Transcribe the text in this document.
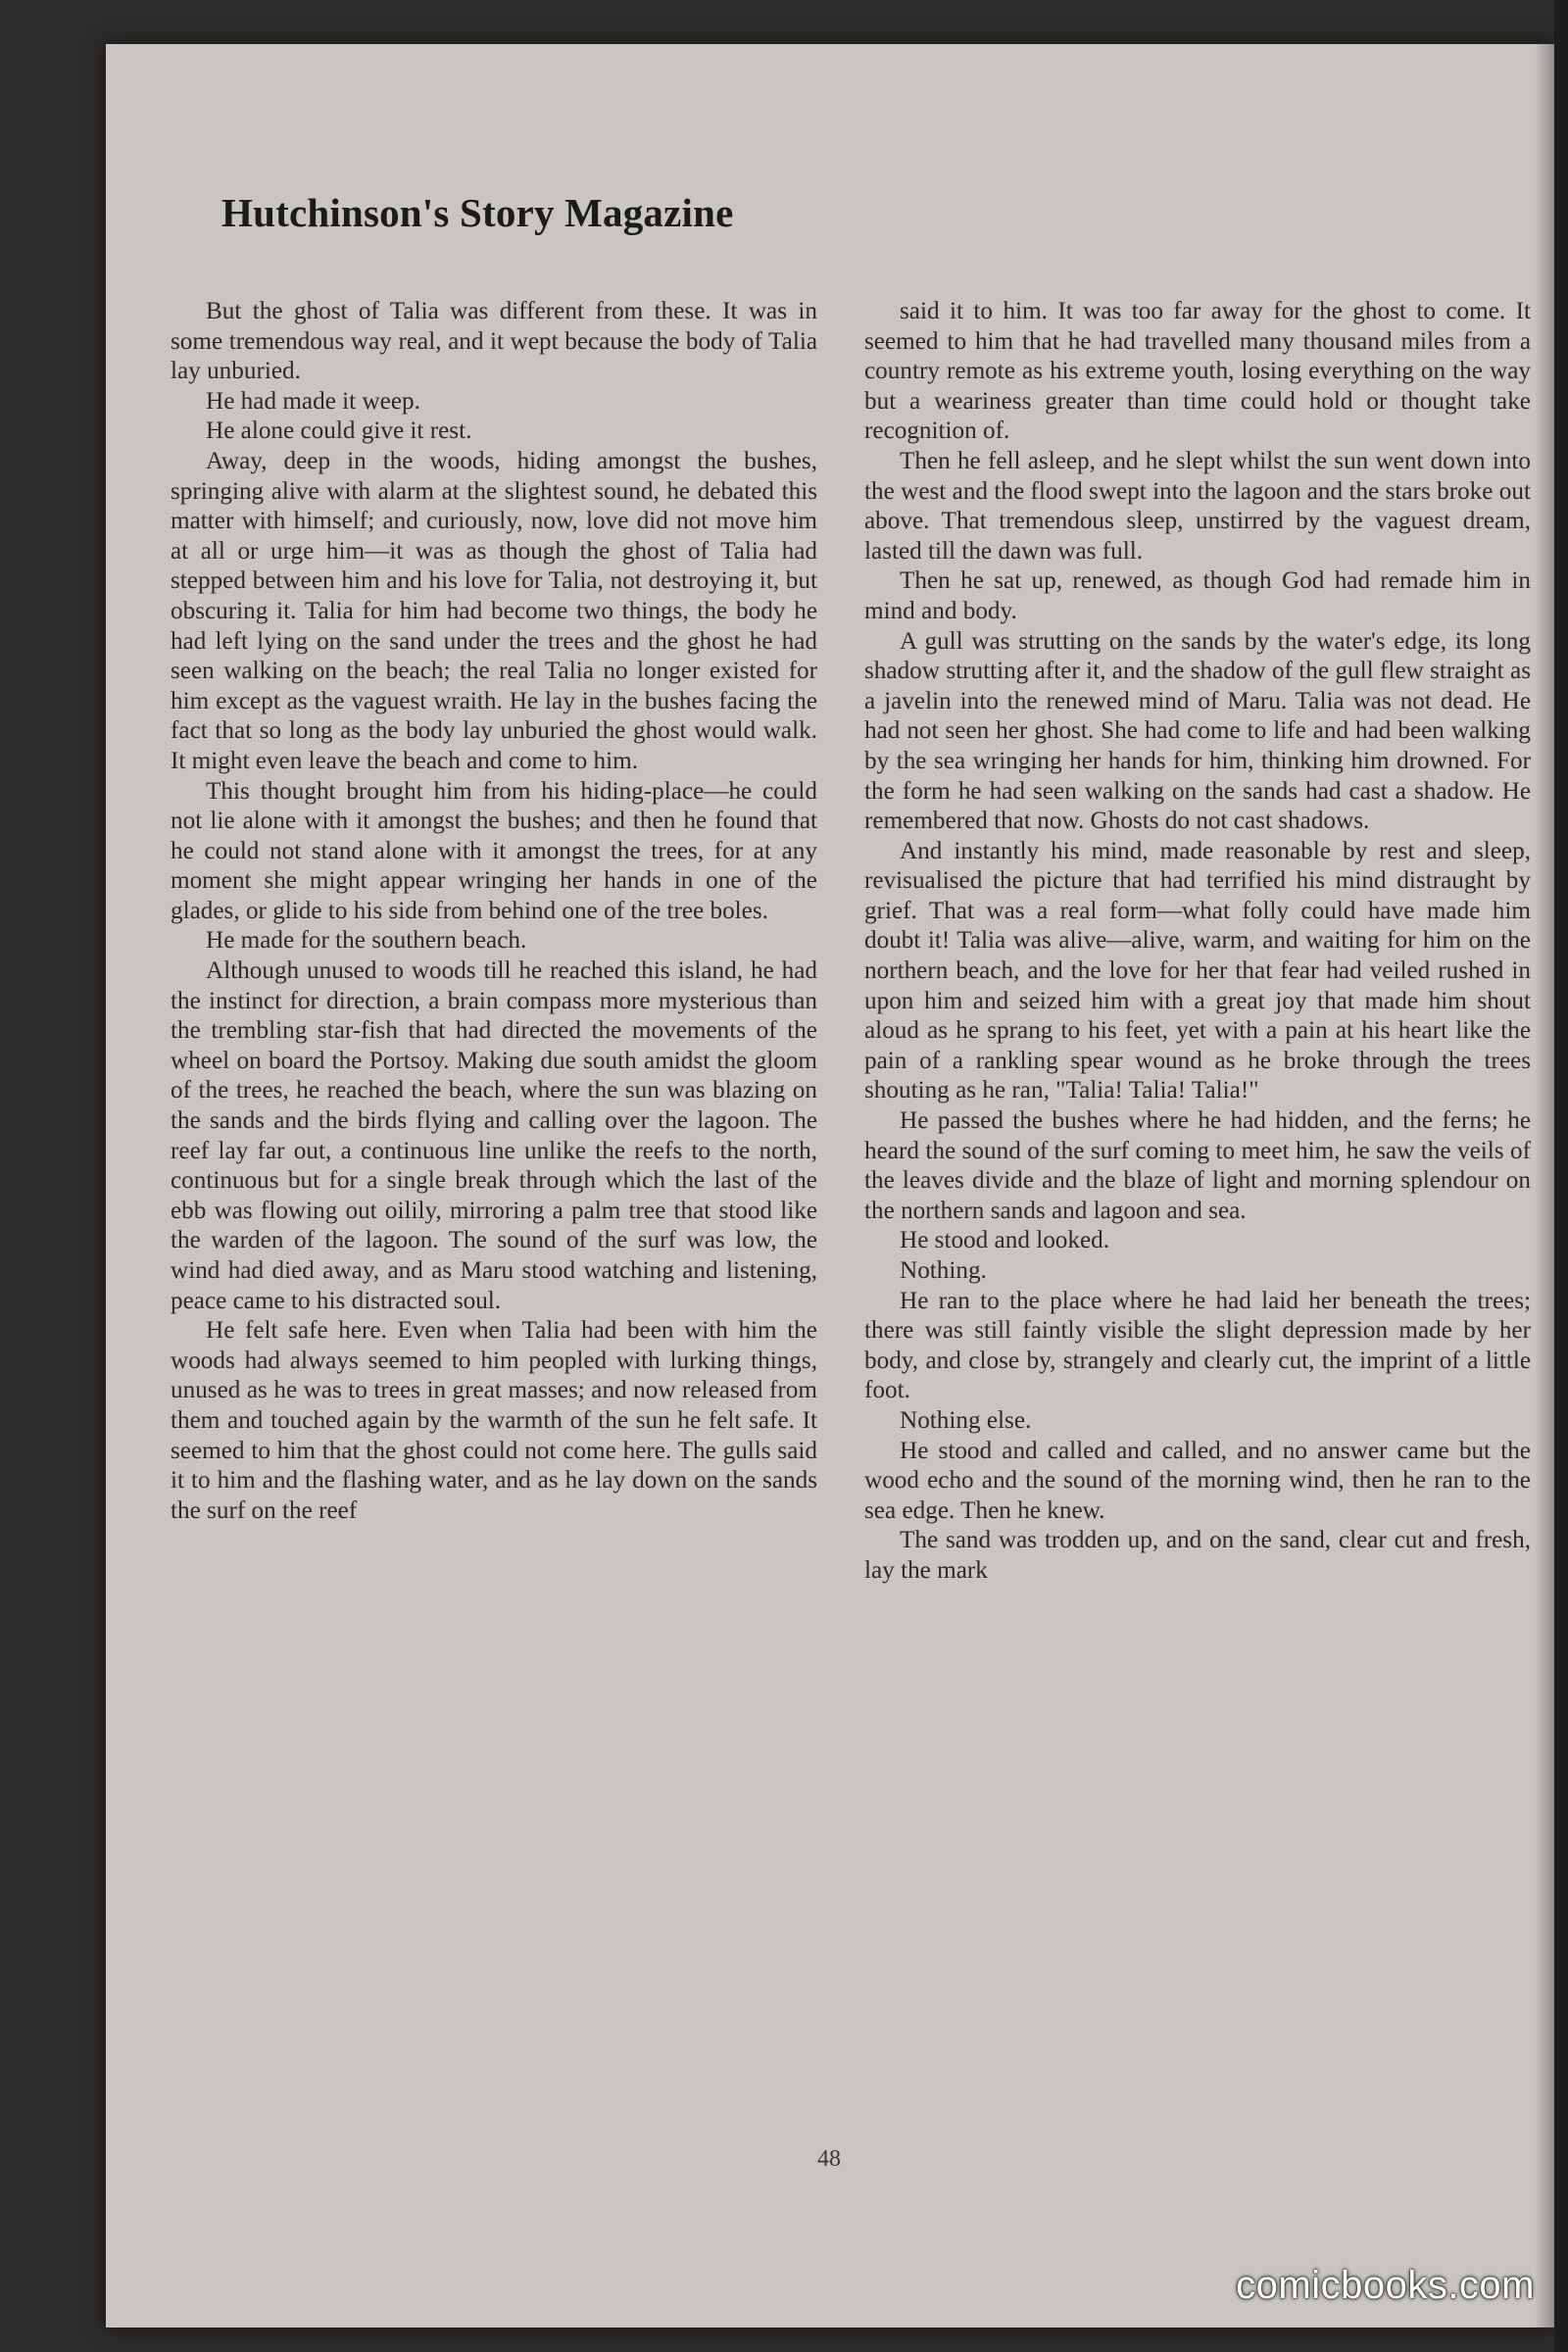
Hutchinson's Story Magazine

But the ghost of Talia was different from these. It was in some tremendous way real, and it wept because the body of Talia lay unburied.

He had made it weep.

He alone could give it rest.

Away, deep in the woods, hiding amongst the bushes, springing alive with alarm at the slightest sound, he debated this matter with himself; and curiously, now, love did not move him at all or urge him—it was as though the ghost of Talia had stepped between him and his love for Talia, not destroying it, but obscuring it. Talia for him had become two things, the body he had left lying on the sand under the trees and the ghost he had seen walking on the beach; the real Talia no longer existed for him except as the vaguest wraith. He lay in the bushes facing the fact that so long as the body lay unburied the ghost would walk. It might even leave the beach and come to him.

This thought brought him from his hiding-place—he could not lie alone with it amongst the bushes; and then he found that he could not stand alone with it amongst the trees, for at any moment she might appear wringing her hands in one of the glades, or glide to his side from behind one of the tree boles.

He made for the southern beach.

Although unused to woods till he reached this island, he had the instinct for direction, a brain compass more mysterious than the trembling star-fish that had directed the movements of the wheel on board the Portsoy. Making due south amidst the gloom of the trees, he reached the beach, where the sun was blazing on the sands and the birds flying and calling over the lagoon. The reef lay far out, a continuous line unlike the reefs to the north, continuous but for a single break through which the last of the ebb was flowing out oilily, mirroring a palm tree that stood like the warden of the lagoon. The sound of the surf was low, the wind had died away, and as Maru stood watching and listening, peace came to his distracted soul.

He felt safe here. Even when Talia had been with him the woods had always seemed to him peopled with lurking things, unused as he was to trees in great masses; and now released from them and touched again by the warmth of the sun he felt safe. It seemed to him that the ghost could not come here. The gulls said it to him and the flashing water, and as he lay down on the sands the surf on the reef

said it to him. It was too far away for the ghost to come. It seemed to him that he had travelled many thousand miles from a country remote as his extreme youth, losing everything on the way but a weariness greater than time could hold or thought take recognition of.

Then he fell asleep, and he slept whilst the sun went down into the west and the flood swept into the lagoon and the stars broke out above. That tremendous sleep, unstirred by the vaguest dream, lasted till the dawn was full.

Then he sat up, renewed, as though God had remade him in mind and body.

A gull was strutting on the sands by the water's edge, its long shadow strutting after it, and the shadow of the gull flew straight as a javelin into the renewed mind of Maru. Talia was not dead. He had not seen her ghost. She had come to life and had been walking by the sea wringing her hands for him, thinking him drowned. For the form he had seen walking on the sands had cast a shadow. He remembered that now. Ghosts do not cast shadows.

And instantly his mind, made reasonable by rest and sleep, revisualised the picture that had terrified his mind distraught by grief. That was a real form—what folly could have made him doubt it! Talia was alive—alive, warm, and waiting for him on the northern beach, and the love for her that fear had veiled rushed in upon him and seized him with a great joy that made him shout aloud as he sprang to his feet, yet with a pain at his heart like the pain of a rankling spear wound as he broke through the trees shouting as he ran, "Talia! Talia! Talia!"

He passed the bushes where he had hidden, and the ferns; he heard the sound of the surf coming to meet him, he saw the veils of the leaves divide and the blaze of light and morning splendour on the northern sands and lagoon and sea.

He stood and looked.

Nothing.

He ran to the place where he had laid her beneath the trees; there was still faintly visible the slight depression made by her body, and close by, strangely and clearly cut, the imprint of a little foot.

Nothing else.

He stood and called and called, and no answer came but the wood echo and the sound of the morning wind, then he ran to the sea edge. Then he knew.

The sand was trodden up, and on the sand, clear cut and fresh, lay the mark

48
comicbooks.com
